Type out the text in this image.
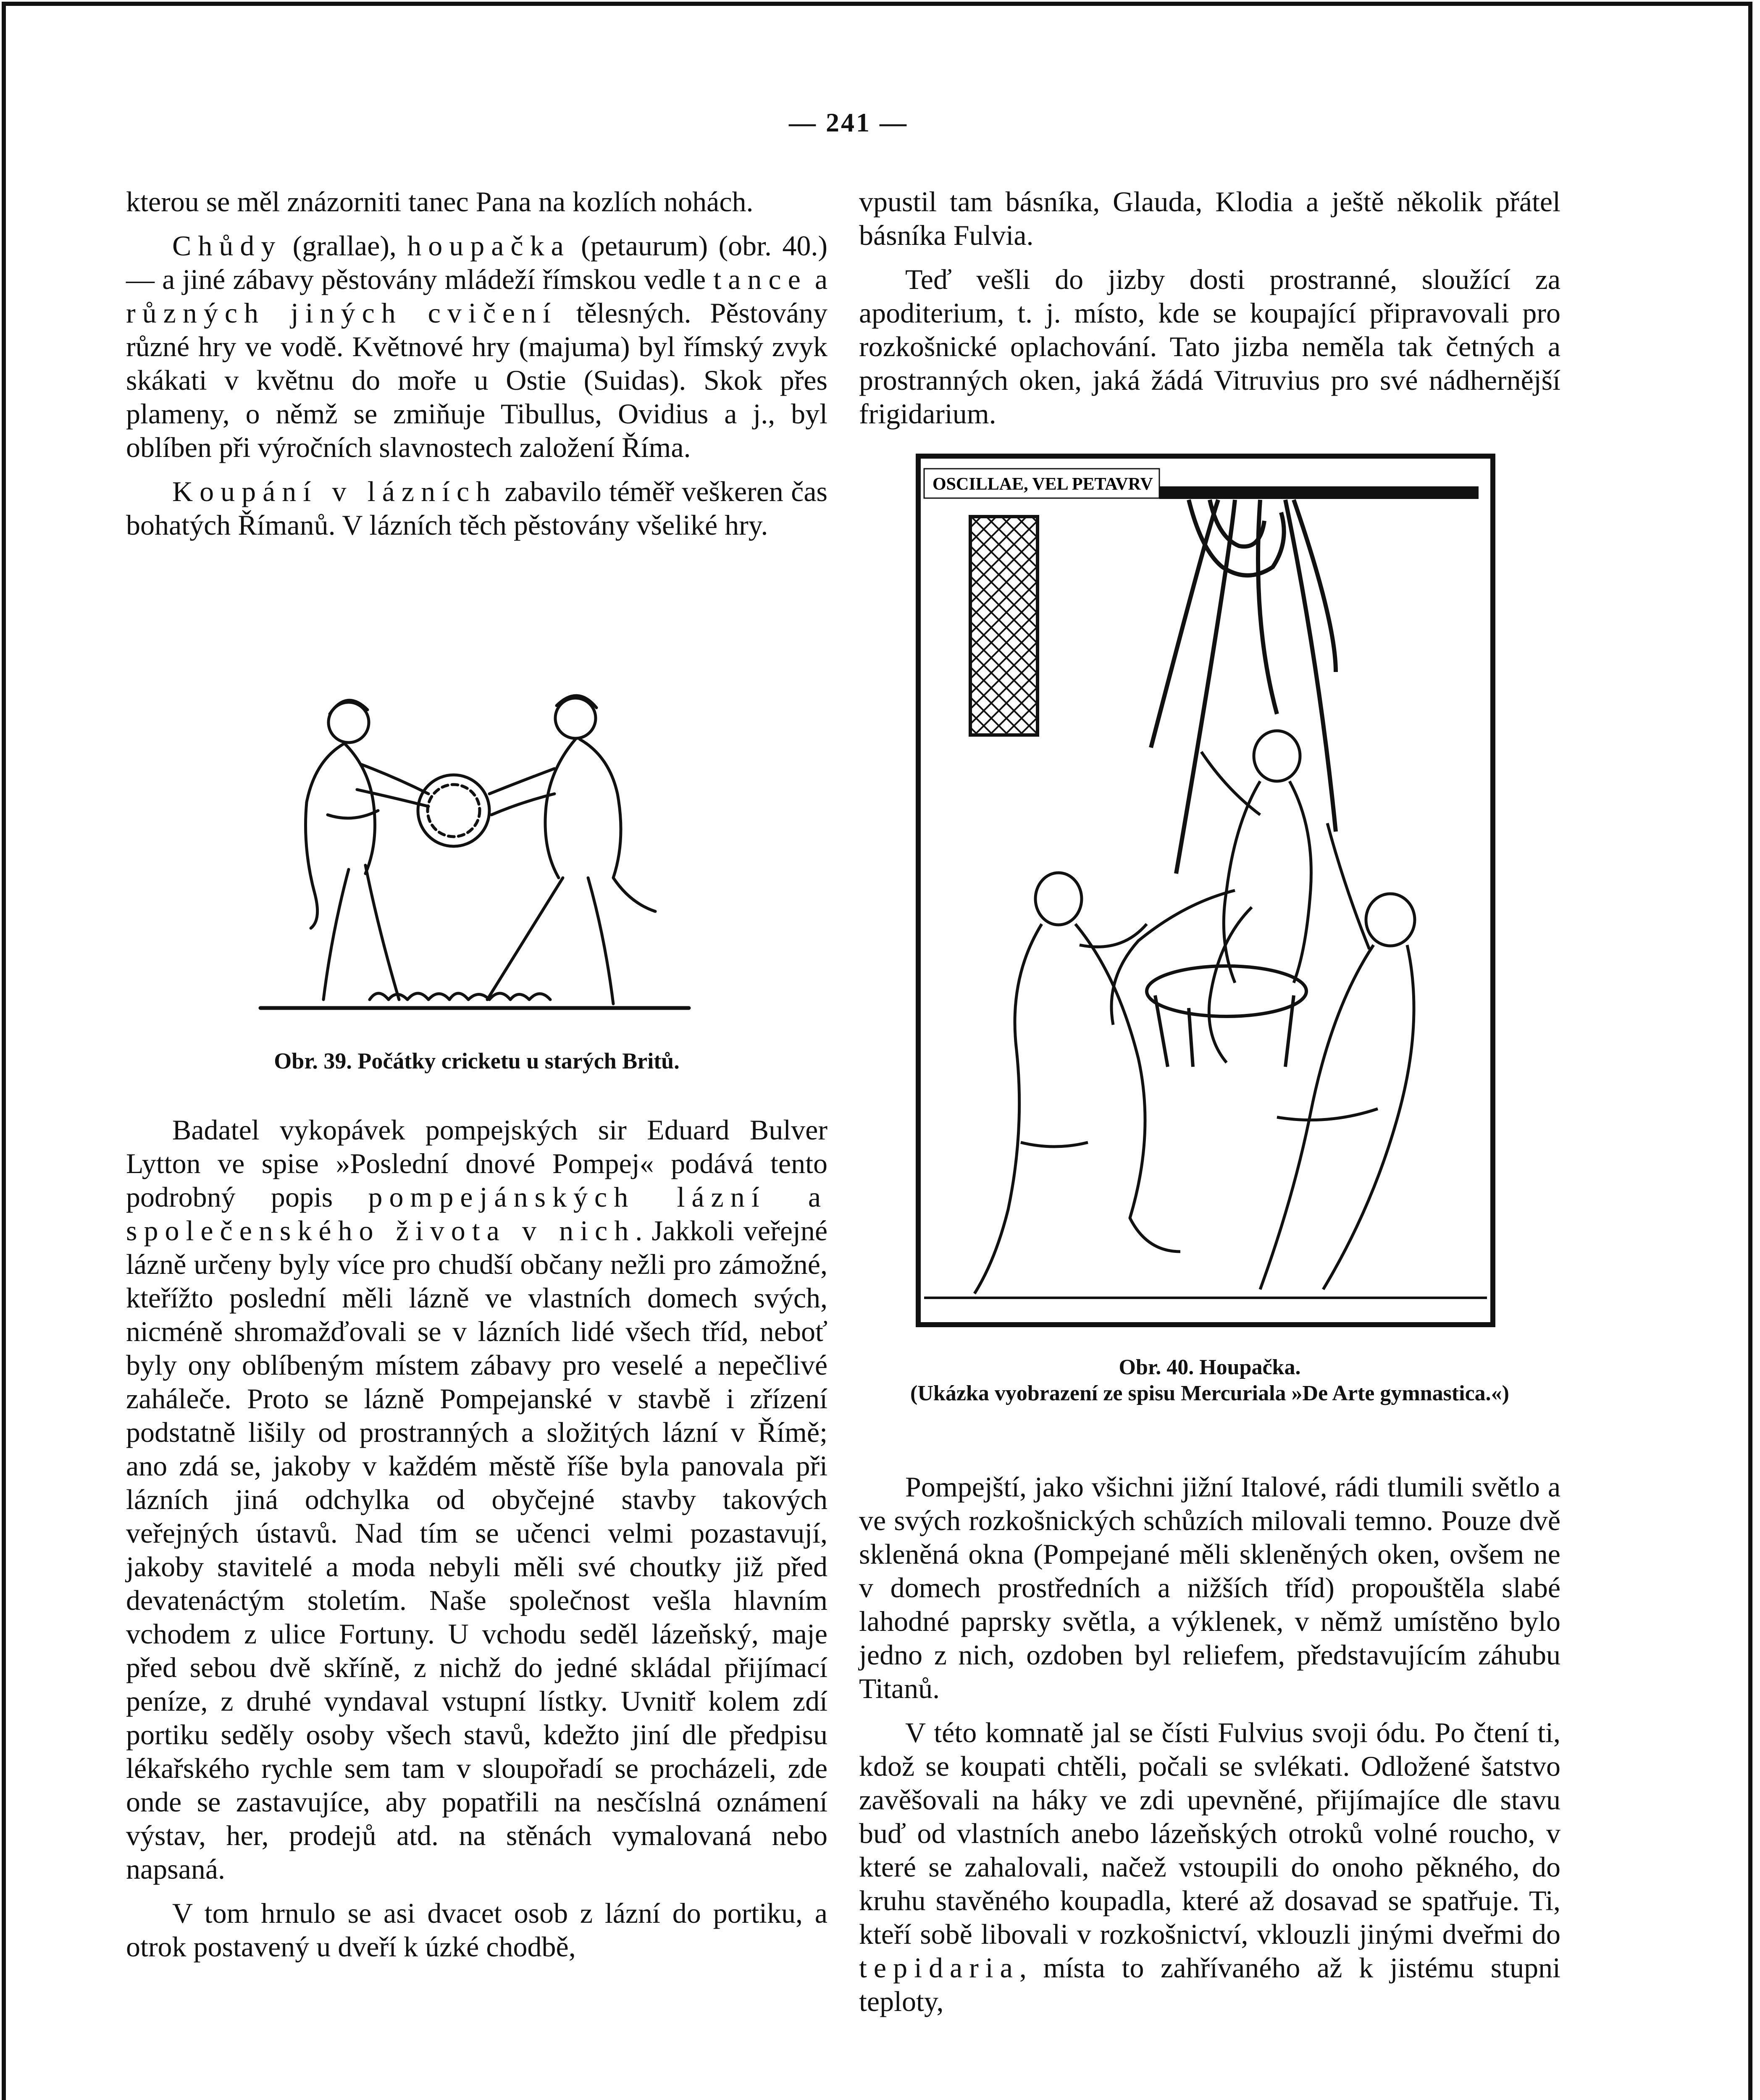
— 241 —

kterou se měl znázorniti tanec Pana na kozlích nohách.

Chůdy (grallae), houpačka (petaurum) (obr. 40.) — a jiné zábavy pěstovány mládeží římskou vedle tance a různých jiných cvičení tělesných. Pěstovány různé hry ve vodě. Květnové hry (majuma) byl římský zvyk skákati v květnu do moře u Ostie (Suidas). Skok přes plameny, o němž se zmiňuje Tibullus, Ovidius a j., byl oblíben při výročních slavnostech založení Říma.

Koupání v lázních zabavilo téměř veškeren čas bohatých Římanů. V lázních těch pěstovány všeliké hry.

Obr. 39. Počátky cricketu u starých Britů.

Badatel vykopávek pompejských sir Eduard Bulver Lytton ve spise »Poslední dnové Pompej« podává tento podrobný popis pompejánských lázní a společenského života v nich. Jakkoli veřejné lázně určeny byly více pro chudší občany nežli pro zámožné, kteřížto poslední měli lázně ve vlastních domech svých, nicméně shromažďovali se v lázních lidé všech tříd, neboť byly ony oblíbeným místem zábavy pro veselé a nepečlivé zaháleče. Proto se lázně Pompejanské v stavbě i zřízení podstatně lišily od prostranných a složitých lázní v Římě; ano zdá se, jakoby v každém městě říše byla panovala při lázních jiná odchylka od obyčejné stavby takových veřejných ústavů. Nad tím se učenci velmi pozastavují, jakoby stavitelé a moda nebyli měli své choutky již před devatenáctým stoletím. Naše společnost vešla hlavním vchodem z ulice Fortuny. U vchodu seděl lázeňský, maje před sebou dvě skříně, z nichž do jedné skládal přijímací peníze, z druhé vyndaval vstupní lístky. Uvnitř kolem zdí portiku seděly osoby všech stavů, kdežto jiní dle předpisu lékařského rychle sem tam v sloupořadí se procházeli, zde onde se zastavujíce, aby popatřili na nesčíslná oznámení výstav, her, prodejů atd. na stěnách vymalovaná nebo napsaná.

V tom hrnulo se asi dvacet osob z lázní do portiku, a otrok postavený u dveří k úzké chodbě,

vpustil tam básníka, Glauda, Klodia a ještě několik přátel básníka Fulvia.

Teď vešli do jizby dosti prostranné, sloužící za apoditerium, t. j. místo, kde se koupající připravovali pro rozkošnické oplachování. Tato jizba neměla tak četných a prostranných oken, jaká žádá Vitruvius pro své nádhernější frigidarium.

OSCILLAE, VEL PETAVRV
Obr. 40. Houpačka.
(Ukázka vyobrazení ze spisu Mercuriala »De Arte gymnastica.«)

Pompejští, jako všichni jižní Italové, rádi tlumili světlo a ve svých rozkošnických schůzích milovali temno. Pouze dvě skleněná okna (Pompejané měli skleněných oken, ovšem ne v domech prostředních a nižších tříd) propouštěla slabé lahodné paprsky světla, a výklenek, v němž umístěno bylo jedno z nich, ozdoben byl reliefem, představujícím záhubu Titanů.

V této komnatě jal se čísti Fulvius svoji ódu. Po čtení ti, kdož se koupati chtěli, počali se svlékati. Odložené šatstvo zavěšovali na háky ve zdi upevněné, přijímajíce dle stavu buď od vlastních anebo lázeňských otroků volné roucho, v které se zahalovali, načež vstoupili do onoho pěkného, do kruhu stavěného koupadla, které až dosavad se spatřuje. Ti, kteří sobě libovali v rozkošnictví, vklouzli jinými dveřmi do tepidaria, místa to zahřívaného až k jistému stupni teploty,
